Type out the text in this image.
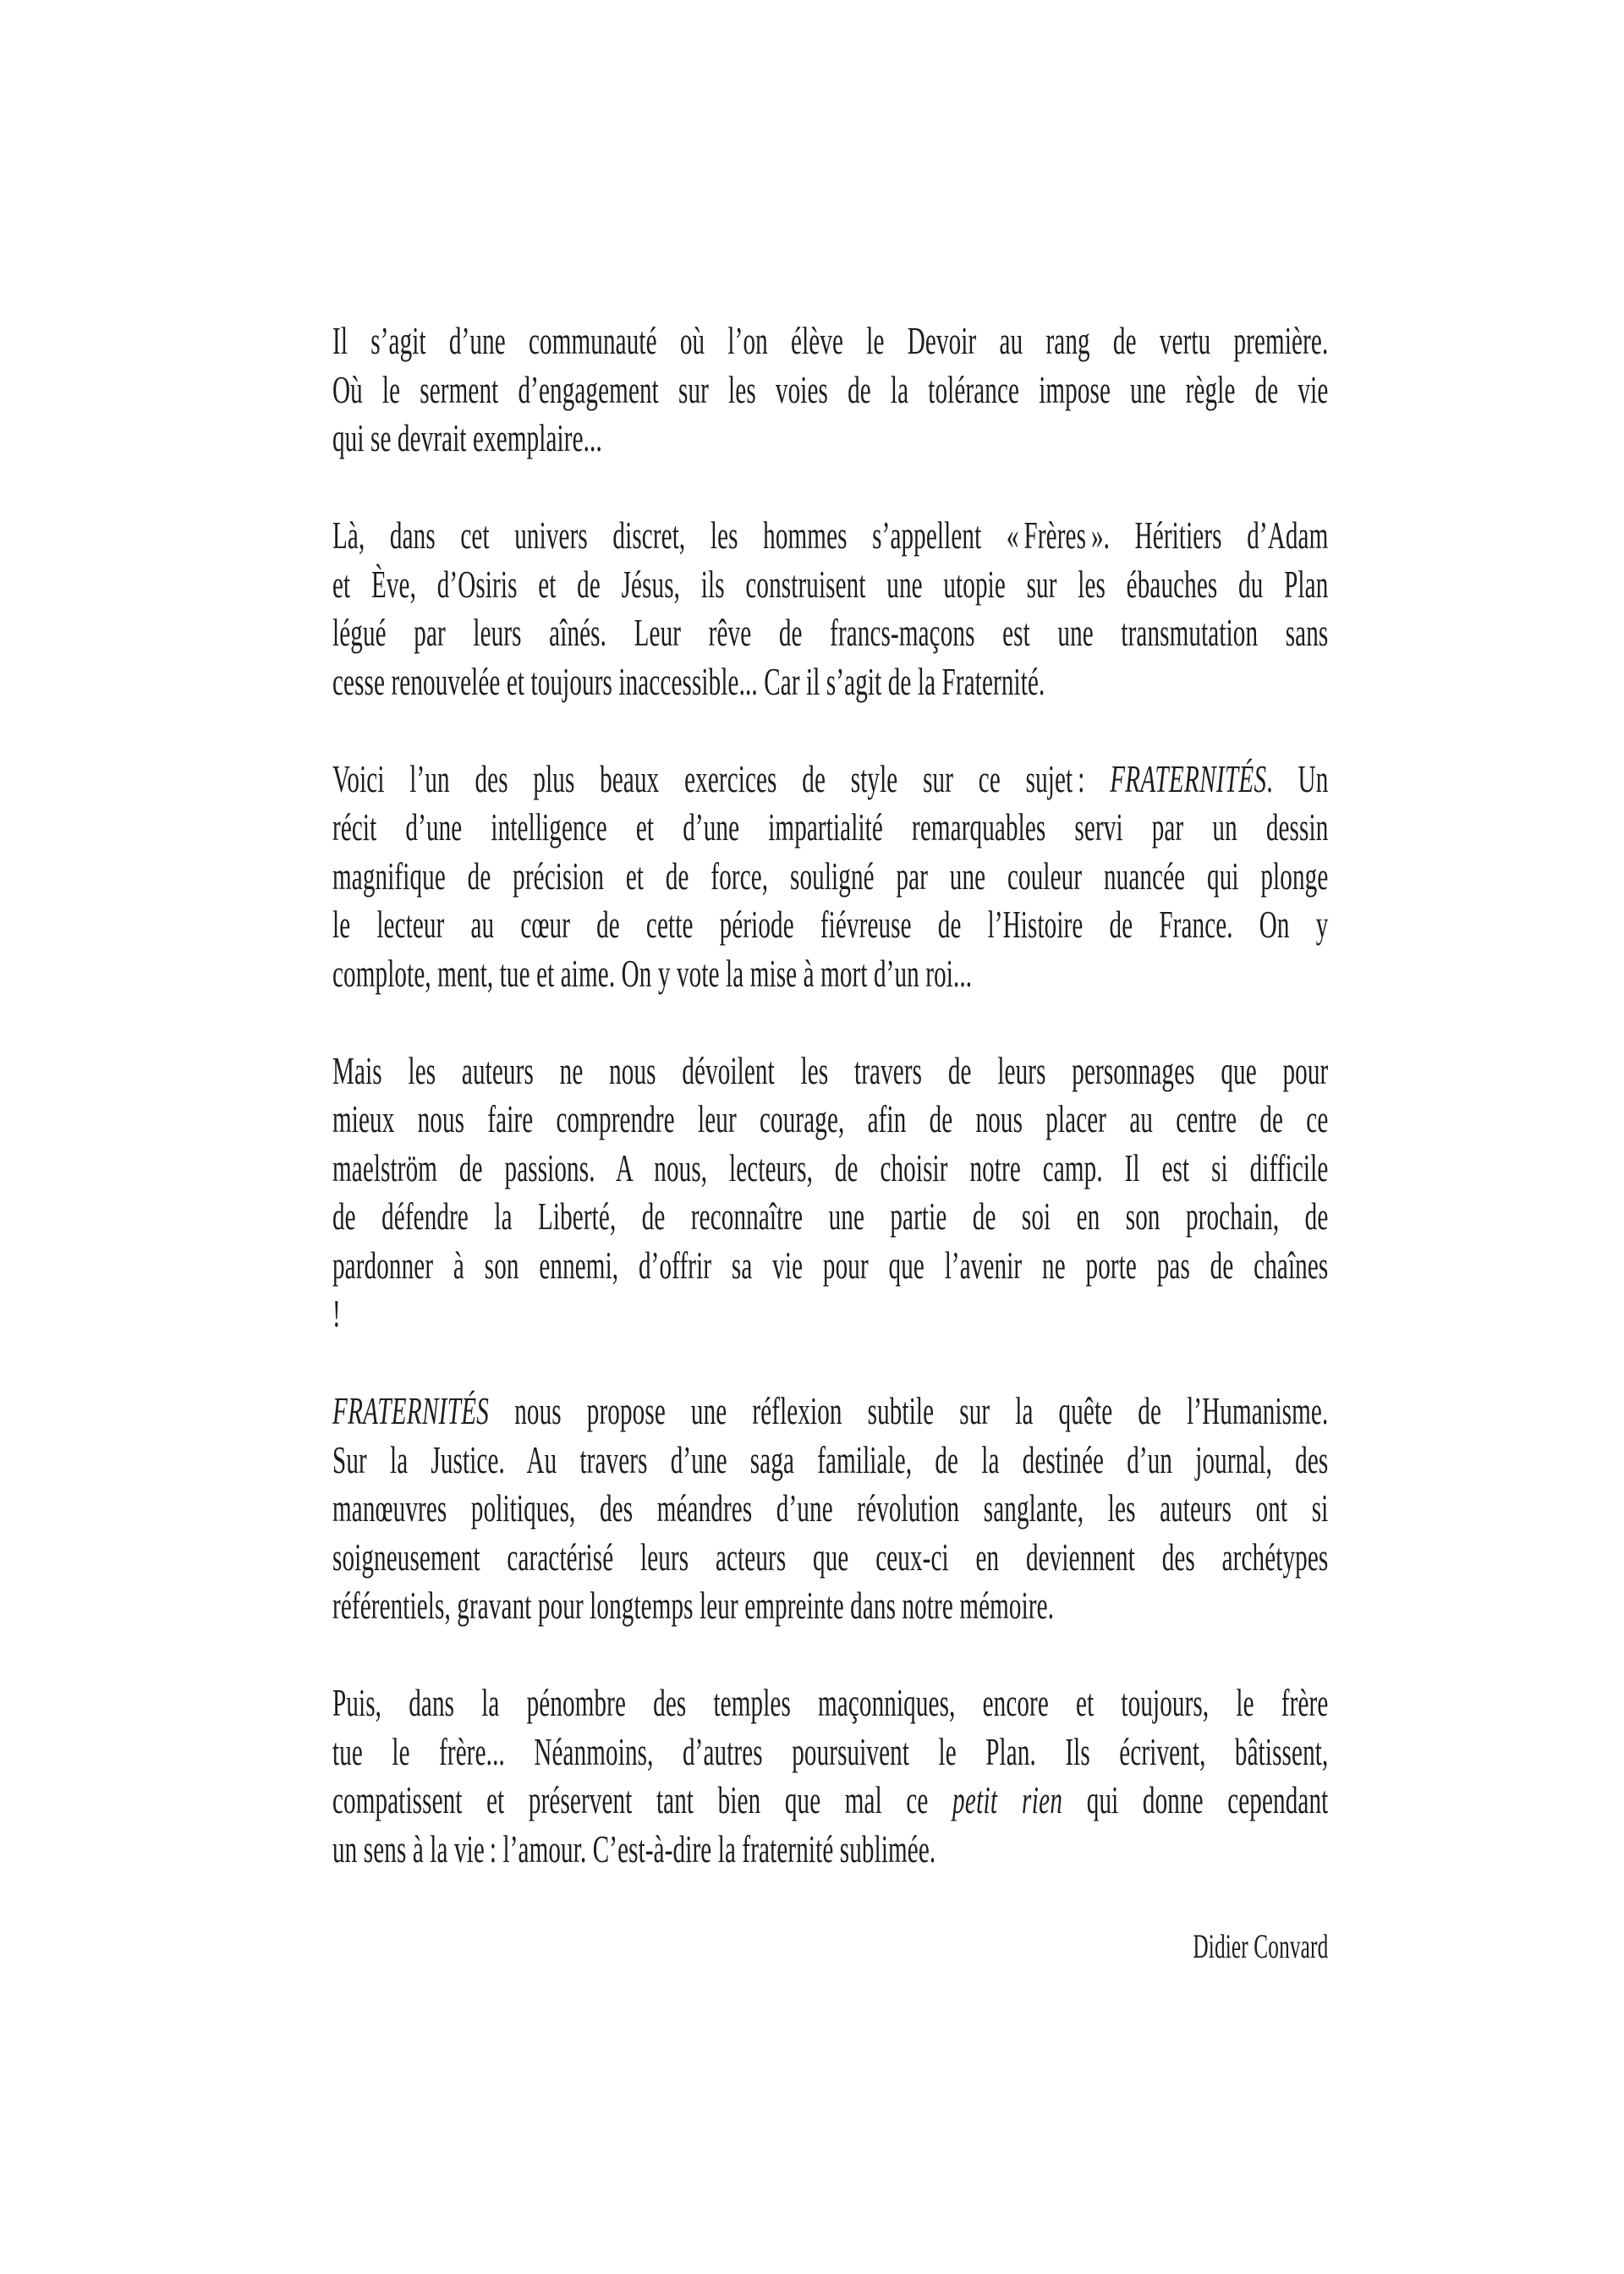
Il s’agit d’une communauté où l’on élève le Devoir au rang de vertu première.
Où le serment d’engagement sur les voies de la tolérance impose une règle de vie
qui se devrait exemplaire...
Là, dans cet univers discret, les hommes s’appellent « Frères ». Héritiers d’Adam
et Ève, d’Osiris et de Jésus, ils construisent une utopie sur les ébauches du Plan
légué par leurs aînés. Leur rêve de francs-maçons est une transmutation sans
cesse renouvelée et toujours inaccessible... Car il s’agit de la Fraternité.
Voici l’un des plus beaux exercices de style sur ce sujet : FRATERNITÉS. Un
récit d’une intelligence et d’une impartialité remarquables servi par un dessin
magnifique de précision et de force, souligné par une couleur nuancée qui plonge
le lecteur au cœur de cette période fiévreuse de l’Histoire de France. On y
complote, ment, tue et aime. On y vote la mise à mort d’un roi...
Mais les auteurs ne nous dévoilent les travers de leurs personnages que pour
mieux nous faire comprendre leur courage, afin de nous placer au centre de ce
maelström de passions. A nous, lecteurs, de choisir notre camp. Il est si difficile
de défendre la Liberté, de reconnaître une partie de soi en son prochain, de
pardonner à son ennemi, d’offrir sa vie pour que l’avenir ne porte pas de chaînes
!
FRATERNITÉS nous propose une réflexion subtile sur la quête de l’Humanisme.
Sur la Justice. Au travers d’une saga familiale, de la destinée d’un journal, des
manœuvres politiques, des méandres d’une révolution sanglante, les auteurs ont si
soigneusement caractérisé leurs acteurs que ceux-ci en deviennent des archétypes
référentiels, gravant pour longtemps leur empreinte dans notre mémoire.
Puis, dans la pénombre des temples maçonniques, encore et toujours, le frère
tue le frère... Néanmoins, d’autres poursuivent le Plan. Ils écrivent, bâtissent,
compatissent et préservent tant bien que mal ce petit rien qui donne cependant
un sens à la vie : l’amour. C’est-à-dire la fraternité sublimée.
Didier Convard
